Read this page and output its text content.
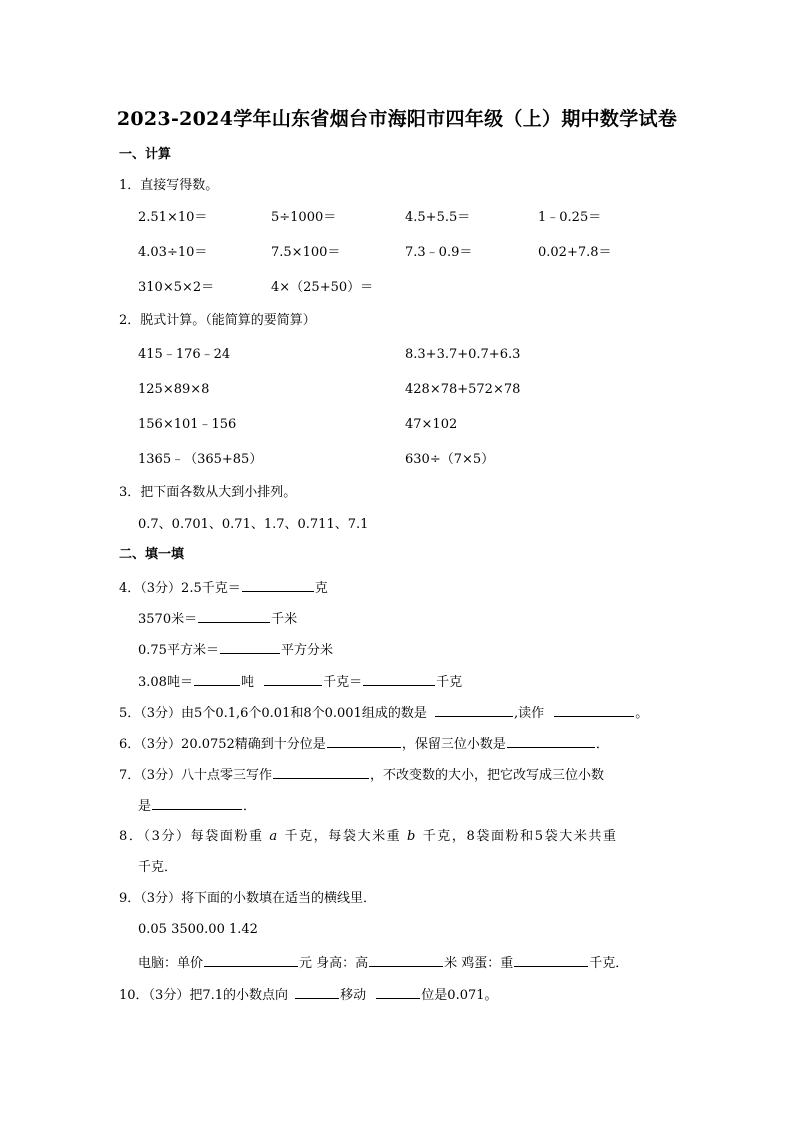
2023-2024学年山东省烟台市海阳市四年级（上）期中数学试卷
一、计算
1．直接写得数。
2.51×10＝	5÷1000＝	4.5+5.5＝	1﹣0.25＝
4.03÷10＝	7.5×100＝	7.3﹣0.9＝	0.02+7.8＝
310×5×2＝	4×（25+50）＝
2．脱式计算。（能简算的要简算）
415﹣176﹣24	8.3+3.7+0.7+6.3
125×89×8	428×78+572×78
156×101﹣156	47×102
1365﹣（365+85）	630÷（7×5）
3．把下面各数从大到小排列。
0.7、0.701、0.71、1.7、0.711、7.1
二、填一填
4．（3分）2.5千克＝	克
3570米＝	千米
0.75平方米＝	平方分米
3.08吨＝	吨	千克＝	千克
5．（3分）由5个0.1,6个0.01和8个0.001组成的数是	,读作	。
6．（3分）20.0752精确到十分位是	，保留三位小数是	．
7．（3分）八十点零三写作	，不改变数的大小，把它改写成三位小数
是	．
8．（3分）每袋面粉重 a 千克，每袋大米重 b 千克，8袋面粉和5袋大米共重
千克．
9．（3分）将下面的小数填在适当的横线里．
0.05 3500.00 1.42
电脑：单价	元 身高：高	米 鸡蛋：重	千克．
10．（3分）把7.1的小数点向	移动	位是0.071。
